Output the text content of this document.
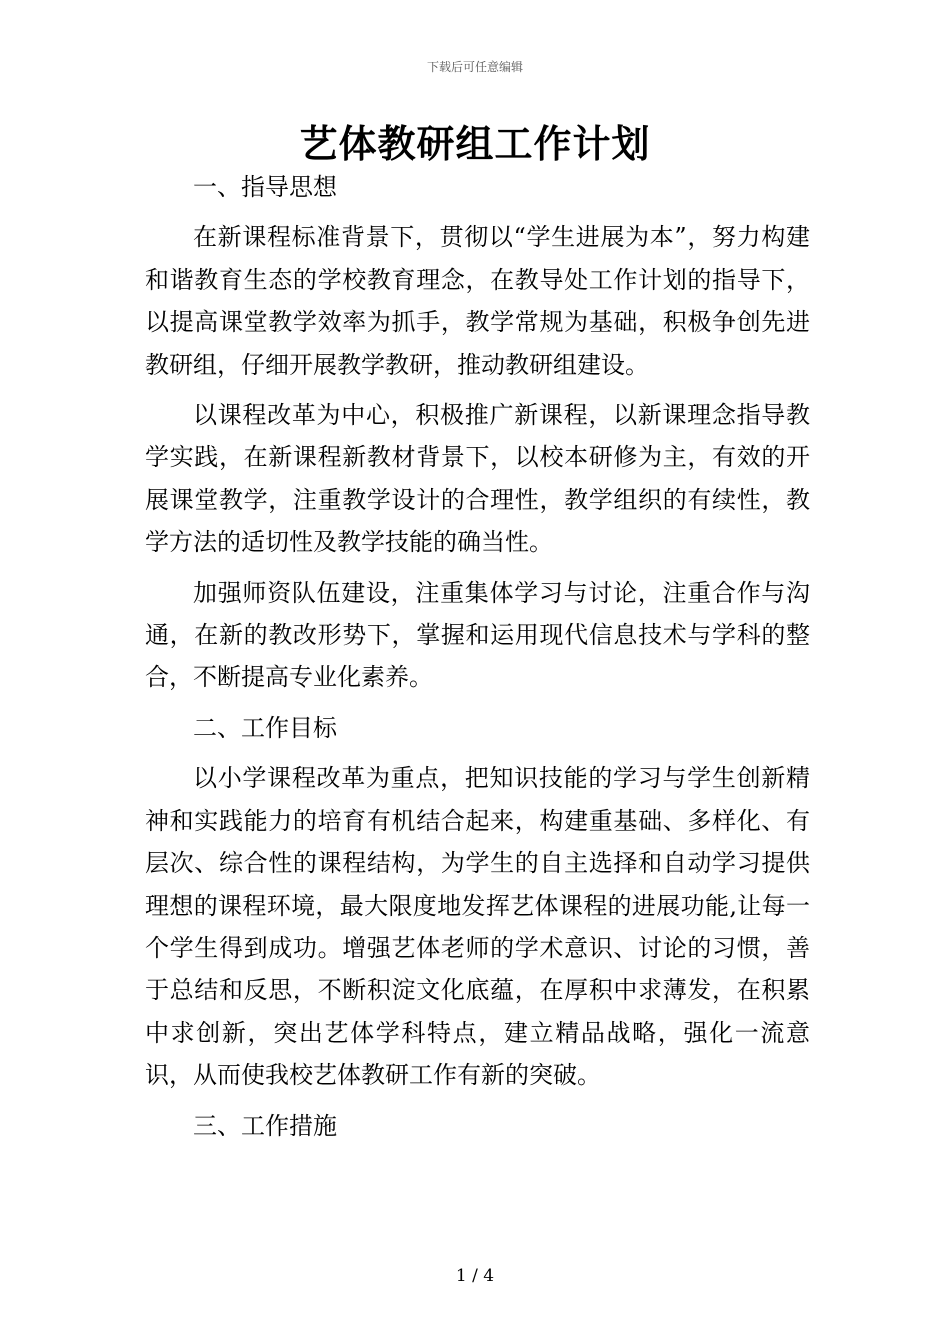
下载后可任意编辑
艺体教研组工作计划

一、指导思想

在新课程标准背景下，贯彻以“学生进展为本”，努力构建和谐教育生态的学校教育理念，在教导处工作计划的指导下，以提高课堂教学效率为抓手，教学常规为基础，积极争创先进教研组，仔细开展教学教研，推动教研组建设。

以课程改革为中心，积极推广新课程，以新课理念指导教学实践，在新课程新教材背景下，以校本研修为主，有效的开展课堂教学，注重教学设计的合理性，教学组织的有续性，教学方法的适切性及教学技能的确当性。

加强师资队伍建设，注重集体学习与讨论，注重合作与沟通，在新的教改形势下，掌握和运用现代信息技术与学科的整合，不断提高专业化素养。

二、工作目标

以小学课程改革为重点，把知识技能的学习与学生创新精神和实践能力的培育有机结合起来，构建重基础、多样化、有层次、综合性的课程结构，为学生的自主选择和自动学习提供理想的课程环境，最大限度地发挥艺体课程的进展功能,让每一个学生得到成功。增强艺体老师的学术意识、讨论的习惯，善于总结和反思，不断积淀文化底蕴，在厚积中求薄发，在积累中求创新，突出艺体学科特点，建立精品战略，强化一流意识，从而使我校艺体教研工作有新的突破。

三、工作措施

1 / 4
